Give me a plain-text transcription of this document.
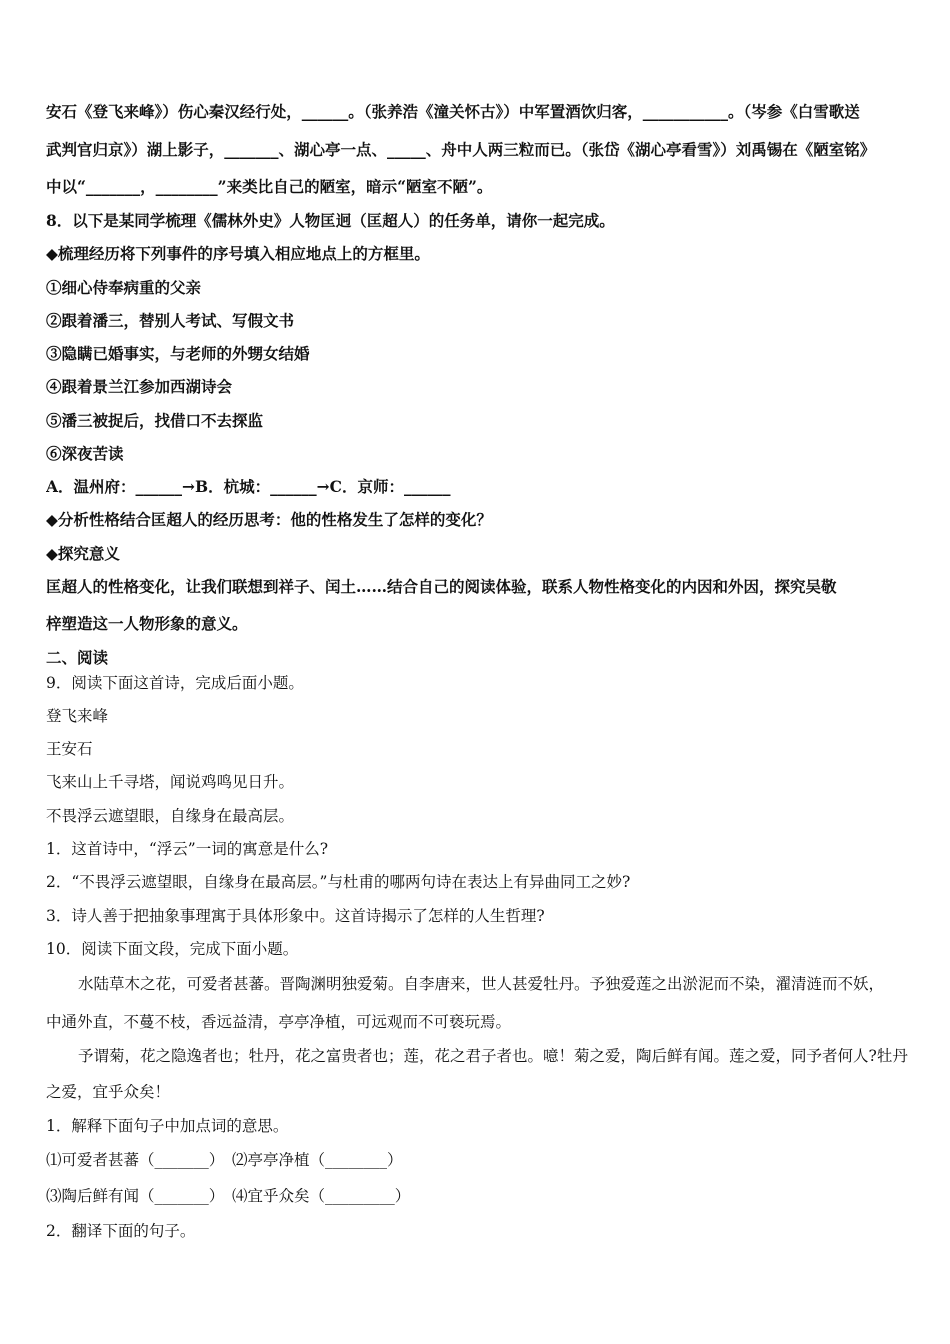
安石《登飞来峰》）伤心秦汉经行处，______。（张养浩《潼关怀古》）中军置酒饮归客，___________。（岑参《白雪歌送
武判官归京》）湖上影子，_______、湖心亭一点、_____、舟中人两三粒而已。（张岱《湖心亭看雪》）刘禹锡在《陋室铭》
中以“_______，________”来类比自己的陋室，暗示“陋室不陋”。
8．以下是某同学梳理《儒林外史》人物匡迥（匡超人）的任务单，请你一起完成。
◆梳理经历将下列事件的序号填入相应地点上的方框里。
①细心侍奉病重的父亲
②跟着潘三，替别人考试、写假文书
③隐瞒已婚事实，与老师的外甥女结婚
④跟着景兰江参加西湖诗会
⑤潘三被捉后，找借口不去探监
⑥深夜苦读
A．温州府：______→B．杭城：______→C．京师：______
◆分析性格结合匡超人的经历思考：他的性格发生了怎样的变化？
◆探究意义
匡超人的性格变化，让我们联想到祥子、闰土……结合自己的阅读体验，联系人物性格变化的内因和外因，探究吴敬
梓塑造这一人物形象的意义。
二、阅读
9．阅读下面这首诗，完成后面小题。
登飞来峰
王安石
飞来山上千寻塔，闻说鸡鸣见日升。
不畏浮云遮望眼，自缘身在最高层。
1．这首诗中，“浮云”一词的寓意是什么?
2．“不畏浮云遮望眼，自缘身在最高层。”与杜甫的哪两句诗在表达上有异曲同工之妙?
3．诗人善于把抽象事理寓于具体形象中。这首诗揭示了怎样的人生哲理?
10．阅读下面文段，完成下面小题。
水陆草木之花，可爱者甚蕃。晋陶渊明独爱菊。自李唐来，世人甚爱牡丹。予独爱莲之出淤泥而不染，濯清涟而不妖，
中通外直，不蔓不枝，香远益清，亭亭净植，可远观而不可亵玩焉。
予谓菊，花之隐逸者也；牡丹，花之富贵者也；莲，花之君子者也。噫！菊之爱，陶后鲜有闻。莲之爱，同予者何人?牡丹
之爱，宜乎众矣！
1．解释下面句子中加点词的意思。
⑴可爱者甚蕃（_______）　⑵亭亭净植（________）
⑶陶后鲜有闻（_______）　⑷宜乎众矣（_________）
2．翻译下面的句子。
